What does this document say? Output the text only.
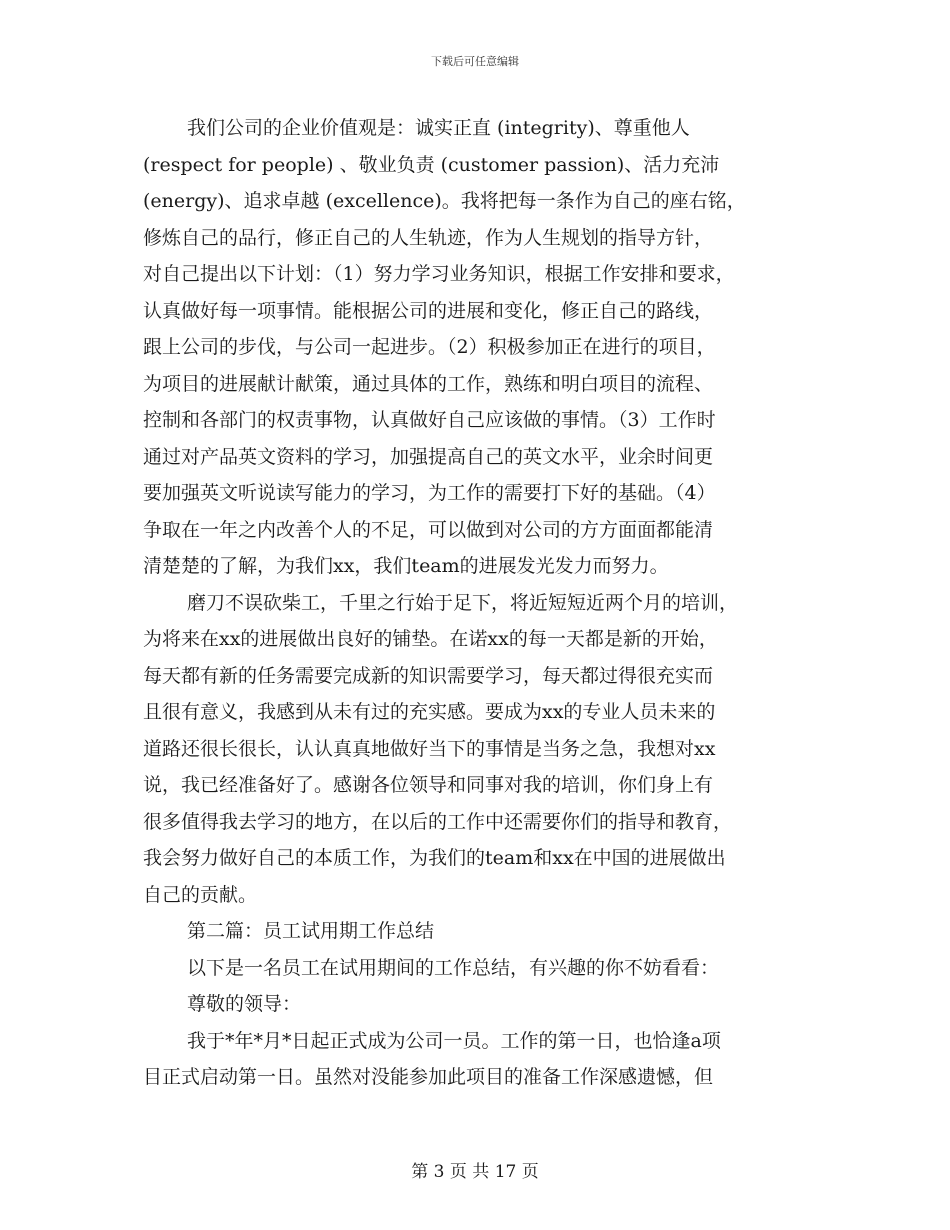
下载后可任意编辑
我们公司的企业价值观是：诚实正直 (integrity)、尊重他人
(respect for people) 、敬业负责 (customer passion)、活力充沛
(energy)、追求卓越 (excellence)。我将把每一条作为自己的座右铭，
修炼自己的品行，修正自己的人生轨迹，作为人生规划的指导方针，
对自己提出以下计划：（1）努力学习业务知识，根据工作安排和要求，
认真做好每一项事情。能根据公司的进展和变化，修正自己的路线，
跟上公司的步伐，与公司一起进步。（2）积极参加正在进行的项目，
为项目的进展献计献策，通过具体的工作，熟练和明白项目的流程、
控制和各部门的权责事物，认真做好自己应该做的事情。（3）工作时
通过对产品英文资料的学习，加强提高自己的英文水平，业余时间更
要加强英文听说读写能力的学习，为工作的需要打下好的基础。（4）
争取在一年之内改善个人的不足，可以做到对公司的方方面面都能清
清楚楚的了解，为我们xx，我们team的进展发光发力而努力。
磨刀不误砍柴工，千里之行始于足下，将近短短近两个月的培训，
为将来在xx的进展做出良好的铺垫。在诺xx的每一天都是新的开始，
每天都有新的任务需要完成新的知识需要学习，每天都过得很充实而
且很有意义，我感到从未有过的充实感。要成为xx的专业人员未来的
道路还很长很长，认认真真地做好当下的事情是当务之急，我想对xx
说，我已经准备好了。感谢各位领导和同事对我的培训，你们身上有
很多值得我去学习的地方，在以后的工作中还需要你们的指导和教育，
我会努力做好自己的本质工作，为我们的team和xx在中国的进展做出
自己的贡献。
第二篇：员工试用期工作总结
以下是一名员工在试用期间的工作总结，有兴趣的你不妨看看：
尊敬的领导：
我于*年*月*日起正式成为公司一员。工作的第一日，也恰逢a项
目正式启动第一日。虽然对没能参加此项目的准备工作深感遗憾，但
第 3 页 共 17 页
